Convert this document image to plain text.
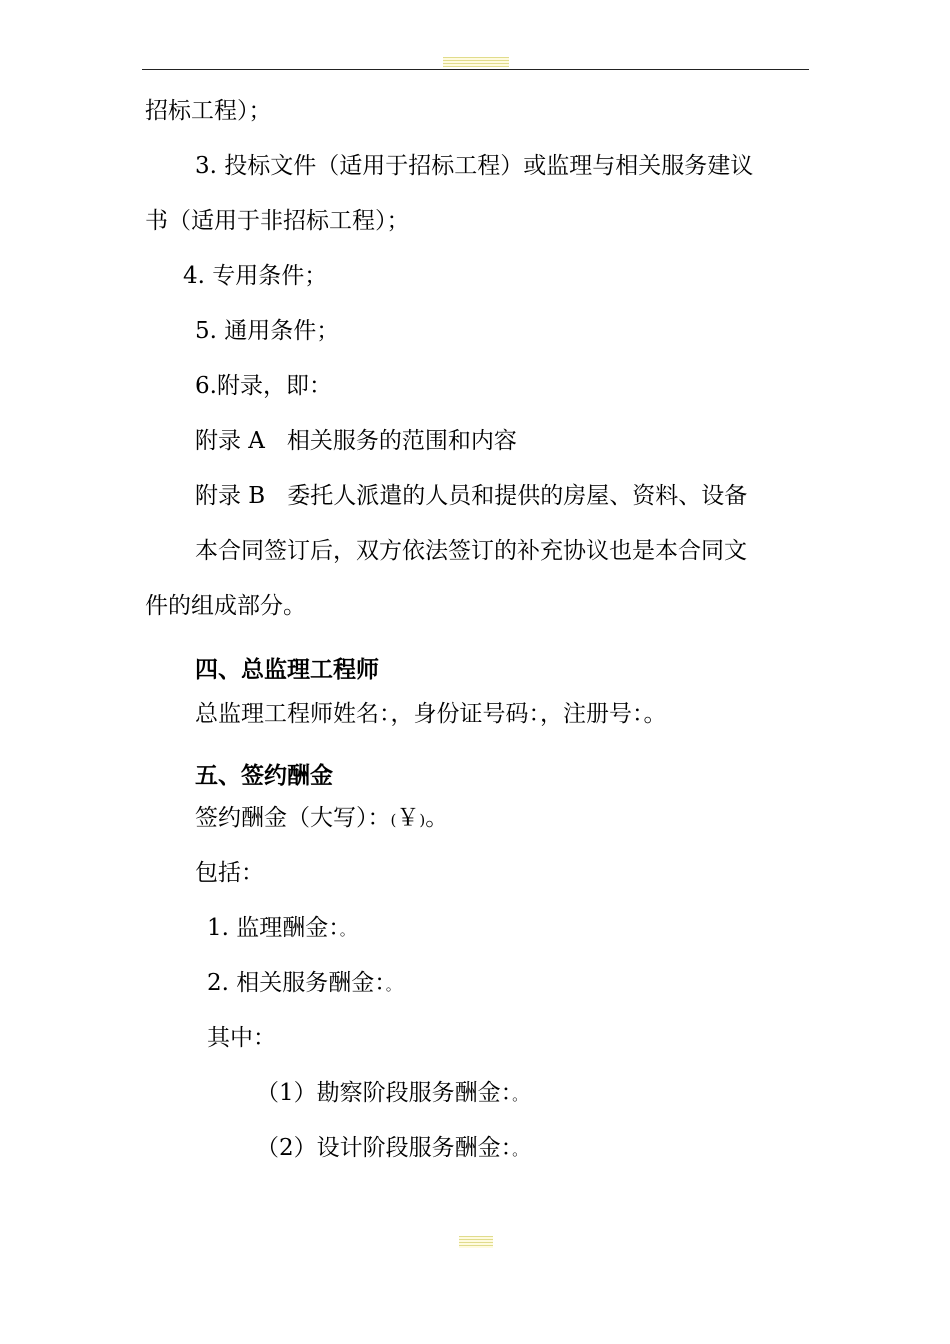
招标工程）；
3. 投标文件（适用于招标工程）或监理与相关服务建议
书（适用于非招标工程）；
4. 专用条件；
5. 通用条件；
6.附录，即：
附录 A 相关服务的范围和内容
附录 B 委托人派遣的人员和提供的房屋、资料、设备
本合同签订后，双方依法签订的补充协议也是本合同文
件的组成部分。
四、总监理工程师
总监理工程师姓名：，身份证号码：，注册号：。
五、签约酬金
签约酬金（大写）：(￥)。
包括：
1. 监理酬金：。
2. 相关服务酬金：。
其中：
（1）勘察阶段服务酬金：。
（2）设计阶段服务酬金：。
